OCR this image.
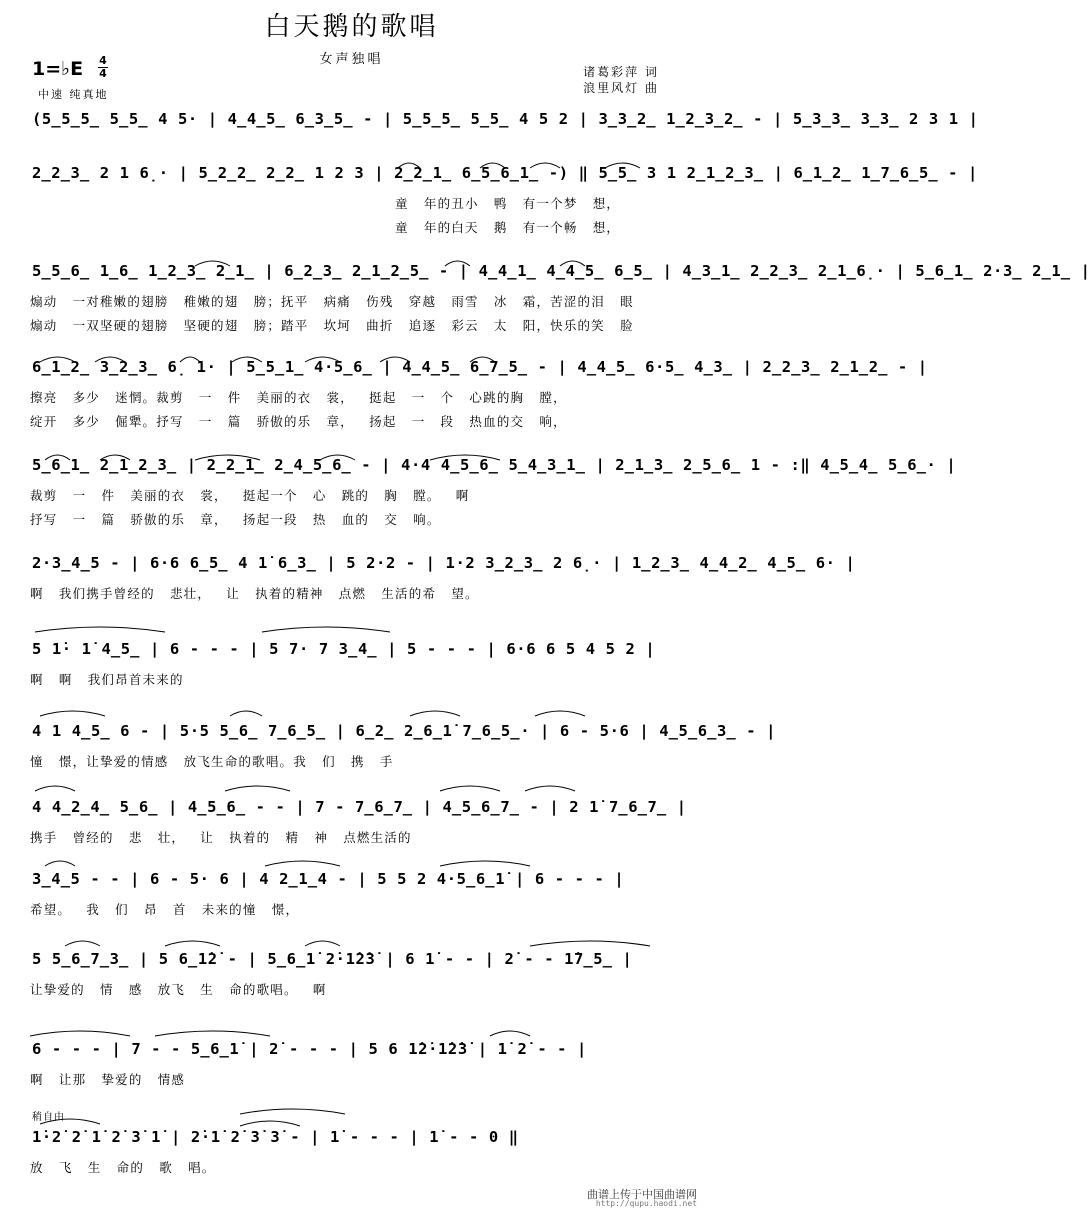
白天鹅的歌唱
女声独唱
1=♭E 4
4
中速 纯真地
诸葛彩萍 词
浪里风灯 曲
(5̲5̲5̲ 5̲5̲ 4 5· | 4̲4̲5̲ 6̲3̲5̲ - | 5̲5̲5̲ 5̲5̲ 4 5 2 | 3̲3̲2̲ 1̲2̲3̲2̲ - | 5̲3̲3̲ 3̲3̲ 2 3 1 |
2̲2̲3̲ 2 1 6̣· | 5̲2̲2̲ 2̲2̲ 1 2 3 | 2̲2̲1̲ 6̲5̲6̲1̲ -) ‖ 5̲5̲ 3 1 2̲1̲2̲3̲ | 6̲1̲2̲ 1̲7̲6̲5̲ - |
童 年的丑小 鸭 有一个梦 想，
童 年的白天 鹅 有一个畅 想，
5̲5̲6̲ 1̲6̲ 1̲2̲3̲ 2̲1̲ | 6̲2̲3̲ 2̲1̲2̲5̲ - | 4̲4̲1̲ 4̲4̲5̲ 6̲5̲ | 4̲3̲1̲ 2̲2̲3̲ 2̲1̲6̣· | 5̲6̲1̲ 2·3̲ 2̲1̲ |
煽动 一对稚嫩的翅膀 稚嫩的翅 膀；抚平 病痛 伤残 穿越 雨雪 冰 霜，苦涩的泪 眼
煽动 一双坚硬的翅膀 坚硬的翅 膀；踏平 坎坷 曲折 追逐 彩云 太 阳，快乐的笑 脸
6̲1̲2̲ 3̲2̲3̲ 6̣ 1· | 5̲5̲1̲ 4·5̲6̲ | 4̲4̲5̲ 6̲7̲5̲ - | 4̲4̲5̲ 6·5̲ 4̲3̲ | 2̲2̲3̲ 2̲1̲2̲ - |
擦亮 多少 迷惘。裁剪 一 件 美丽的衣 裳， 挺起 一 个 心跳的胸 膛，
绽开 多少 倔犟。抒写 一 篇 骄傲的乐 章， 扬起 一 段 热血的交 响，
5̲6̲1̲ 2̲1̲2̲3̲ | 2̲2̲1̲ 2̲4̲5̲6̲ - | 4·4 4̲5̲6̲ 5̲4̲3̲1̲ | 2̲1̲3̲ 2̲5̲6̲ 1 - :‖ 4̲5̲4̲ 5̲6̲· |
裁剪 一 件 美丽的衣 裳， 挺起一个 心 跳的 胸 膛。 啊
抒写 一 篇 骄傲的乐 章， 扬起一段 热 血的 交 响。
2·3̲4̲5 - | 6·6 6̲5̲ 4 1̇ 6̲3̲ | 5 2·2 - | 1·2 3̲2̲3̲ 2 6̣· | 1̲2̲3̲ 4̲4̲2̲ 4̲5̲ 6· |
啊 我们携手曾经的 悲壮， 让 执着的精神 点燃 生活的希 望。
5 1̇· 1̇ 4̲5̲ | 6 - - - | 5 7· 7 3̲4̲ | 5 - - - | 6·6 6 5 4 5 2 |
啊 啊 我们昂首未来的
4 1 4̲5̲ 6 - | 5·5 5̲6̲ 7̲6̲5̲ | 6̲2̲ 2̲6̲1̇ 7̲6̲5̲· | 6 - 5·6 | 4̲5̲6̲3̲ - |
憧 憬，让挚爱的情感 放飞生命的歌唱。我 们 携 手
4 4̲2̲4̲ 5̲6̲ | 4̲5̲6̲ - - | 7 - 7̲6̲7̲ | 4̲5̲6̲7̲ - | 2 1̇ 7̲6̲7̲ |
携手 曾经的 悲 壮， 让 执着的 精 神 点燃生活的
3̲4̲5 - - | 6 - 5· 6 | 4 2̲1̲4 - | 5 5 2 4·5̲6̲1̇ | 6 - - - |
希望。 我 们 昂 首 未来的憧 憬，
5 5̲6̲7̲3̲ | 5 6̲1̇2̇ - | 5̲6̲1̇ 2̇·1̇2̇3̇ | 6 1̇ - - | 2̇ - - 1̇7̲5̲ |
让挚爱的 情 感 放飞 生 命的歌唱。 啊
6 - - - | 7 - - 5̲6̲1̇ | 2̇ - - - | 5 6 1̇2̇·1̇2̇3̇ | 1̇ 2̇ - - |
啊 让那 挚爱的 情感
1̇·2̇ 2̇ 1̇ 2̇ 3̇ 1̇ | 2̇·1̇ 2̇ 3̇ 3̇ - | 1̇ - - - | 1̇ - - 0 ‖
放 飞 生 命的 歌 唱。
稍自由
曲谱上传于中国曲谱网
http://qupu.haodi.net
